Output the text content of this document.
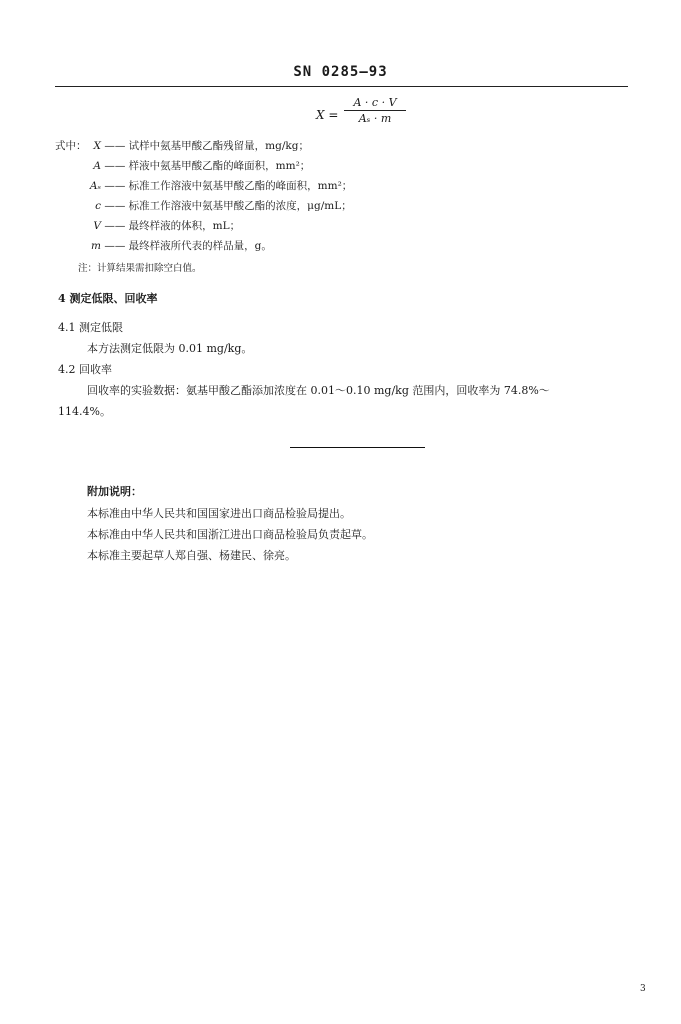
SN 0285—93
X =
A · c · V
Aₛ · m
式中： X —— 试样中氨基甲酸乙酯残留量，mg/kg；
A —— 样液中氨基甲酸乙酯的峰面积，mm²；
Aₛ —— 标准工作溶液中氨基甲酸乙酯的峰面积，mm²；
c —— 标准工作溶液中氨基甲酸乙酯的浓度，μg/mL；
V —— 最终样液的体积，mL；
m —— 最终样液所代表的样品量，g。
注：计算结果需扣除空白值。
4 测定低限、回收率
4.1 测定低限
本方法测定低限为 0.01 mg/kg。
4.2 回收率
回收率的实验数据：氨基甲酸乙酯添加浓度在 0.01～0.10 mg/kg 范围内，回收率为 74.8%～
114.4%。
附加说明：
本标准由中华人民共和国国家进出口商品检验局提出。
本标准由中华人民共和国浙江进出口商品检验局负责起草。
本标准主要起草人郑自强、杨建民、徐亮。
3
